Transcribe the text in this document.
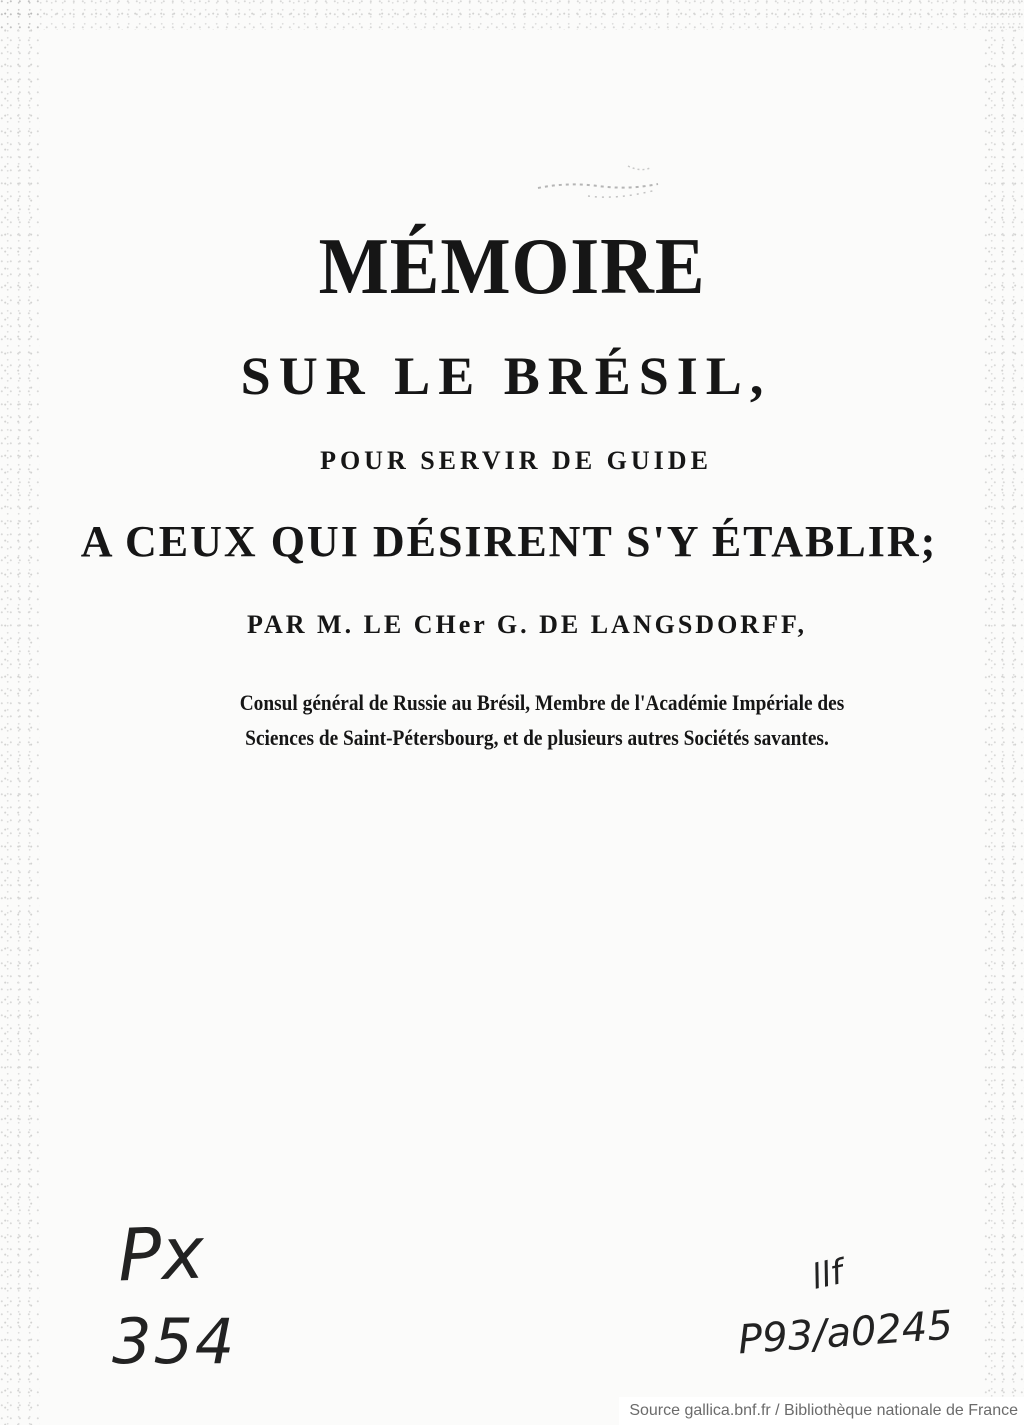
MÉMOIRE
SUR LE BRÉSIL,
POUR SERVIR DE GUIDE
A CEUX QUI DÉSIRENT S'Y ÉTABLIR;
PAR M. LE CHer G. DE LANGSDORFF,
Consul général de Russie au Brésil, Membre de l'Académie Impériale des
Sciences de Saint-Pétersbourg, et de plusieurs autres Sociétés savantes.
Px
354
llf
P93/a0245
Source gallica.bnf.fr / Bibliothèque nationale de France
